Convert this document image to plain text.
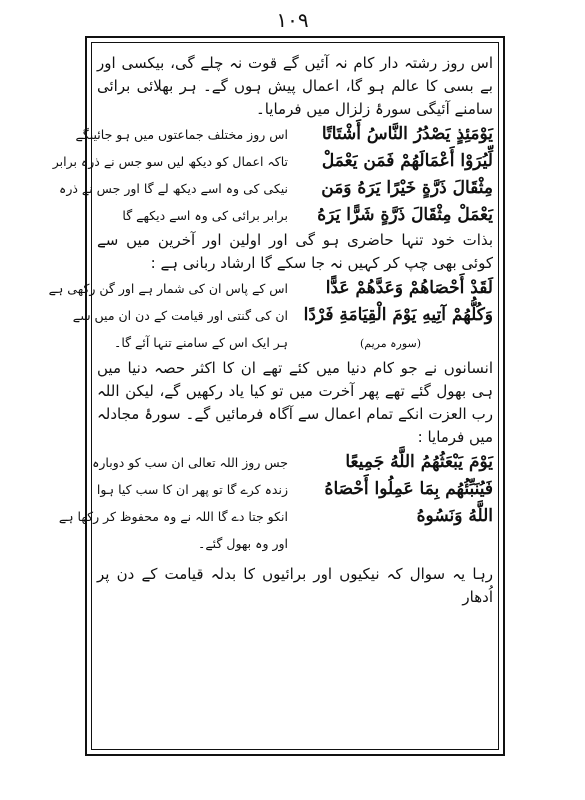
١٠٩

اس روز رشتہ دار کام نہ آئیں گے قوت نہ چلے گی، بیکسی اور بے بسی کا عالم ہو گا، اعمال پیش ہوں گے۔ ہر بھلائی برائی سامنے آئیگی سورۂ زلزال میں فرمایا۔

يَوْمَئِذٍ يَصْدُرُ النَّاسُ أَشْتَاتًا
اس روز مختلف جماعتوں میں ہو جائینگے
لِّيُرَوْا أَعْمَالَهُمْ فَمَن يَعْمَلْ
تاکہ اعمال کو دیکھ لیں سو جس نے ذرہ برابر
مِثْقَالَ ذَرَّةٍ خَيْرًا يَرَهُ وَمَن
نیکی کی وہ اسے دیکھ لے گا اور جس نے ذرہ
يَعْمَلْ مِثْقَالَ ذَرَّةٍ شَرًّا يَرَهُ
برابر برائی کی وہ اسے دیکھے گا

بذات خود تنہا حاضری ہو گی اور اولین اور آخرین میں سے کوئی بھی چپ کر کہیں نہ جا سکے گا ارشاد ربانی ہے :

لَقَدْ أَحْصَاهُمْ وَعَدَّهُمْ عَدًّا
اس کے پاس ان کی شمار ہے اور گن رکھی ہے
وَكُلُّهُمْ آتِيهِ يَوْمَ الْقِيَامَةِ فَرْدًا
ان کی گنتی اور قیامت کے دن ان میں سے
(سورہ مریم)
ہر ایک اس کے سامنے تنہا آئے گا۔

انسانوں نے جو کام دنیا میں کئے تھے ان کا اکثر حصہ دنیا میں ہی بھول گئے تھے پھر آخرت میں تو کیا یاد رکھیں گے، لیکن اللہ رب العزت انکے تمام اعمال سے آگاہ فرمائیں گے۔ سورۂ مجادلہ میں فرمایا :

يَوْمَ يَبْعَثُهُمُ اللَّهُ جَمِيعًا
جس روز اللہ تعالی ان سب کو دوبارہ
فَيُنَبِّئُهُم بِمَا عَمِلُوا أَحْصَاهُ
زندہ کرے گا تو پھر ان کا سب کیا ہوا
اللَّهُ وَنَسُوهُ
انکو جتا دے گا اللہ نے وہ محفوظ کر رکھا ہے
اور وہ بھول گئے۔

رہا یہ سوال کہ نیکیوں اور برائیوں کا بدلہ قیامت کے دن پر اُدھار
